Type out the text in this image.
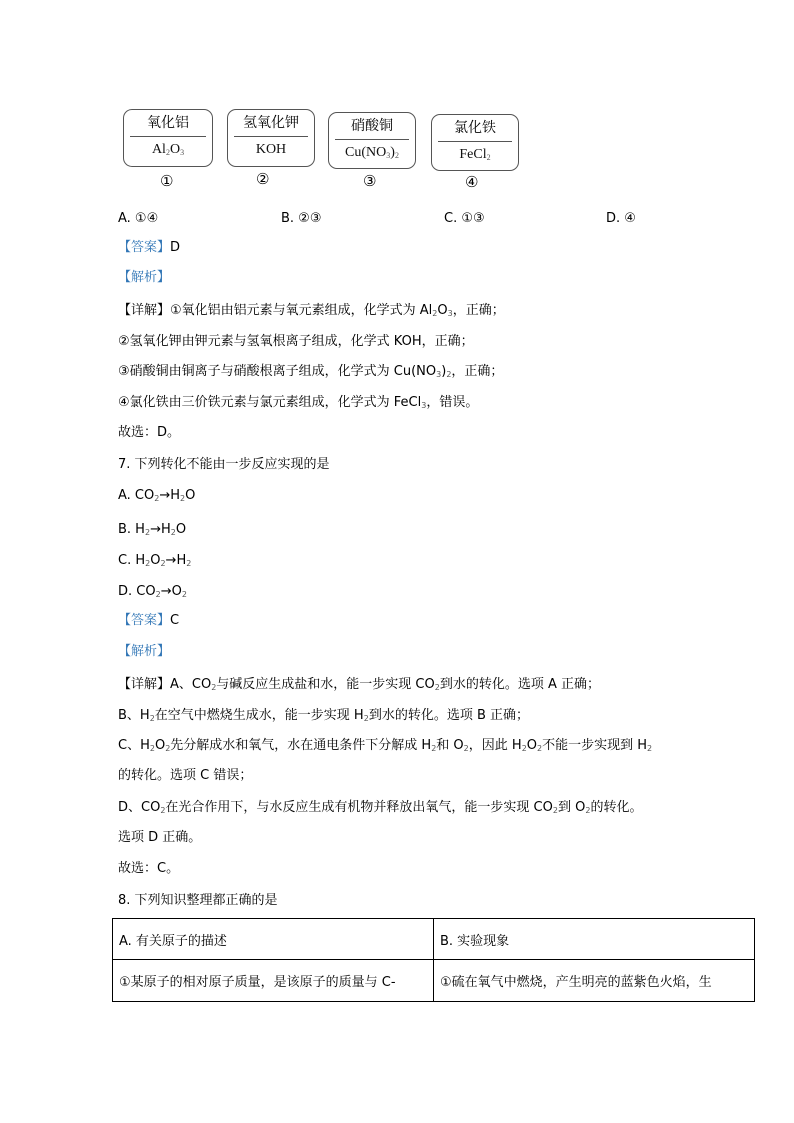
氧化铝
$Al_2O_3$
①
氢氧化钾
KOH
②
硝酸铜
$Cu(NO_3)_2$
③
氯化铁
FeCl$_2$
④
A. ①④	B. ②③	C. ①③	D. ④
【答案】D
【解析】
【详解】①氧化铝由铝元素与氧元素组成，化学式为 $Al_2O_3$，正确；
②氢氧化钾由钾元素与氢氧根离子组成，化学式 KOH，正确；
③硝酸铜由铜离子与硝酸根离子组成，化学式为 $Cu(NO_3)_2$，正确；
④氯化铁由三价铁元素与氯元素组成，化学式为 FeCl$_3$，错误。
故选：D。
7. 下列转化不能由一步反应实现的是
A. $CO_2\to H_2O$
B. $H_2\to H_2O$
C. $H_2O_2\to H_2$
D. $CO_2\to O_2$
【答案】C
【解析】
【详解】A、$CO_2$与碱反应生成盐和水，能一步实现 $CO_2$到水的转化。选项 A 正确；
B、$H_2$在空气中燃烧生成水，能一步实现 $H_2$到水的转化。选项 B 正确；
C、$H_2O_2$先分解成水和氧气，水在通电条件下分解成 $H_2$和 $O_2$，因此 $H_2O_2$不能一步实现到 $H_2$
的转化。选项 C 错误；
D、$CO_2$在光合作用下，与水反应生成有机物并释放出氧气，能一步实现 $CO_2$到 $O_2$的转化。
选项 D 正确。
故选：C。
8. 下列知识整理都正确的是
A. 有关原子的描述	B. 实验现象
①某原子的相对原子质量，是该原子的质量与 C-	①硫在氧气中燃烧，产生明亮的蓝紫色火焰，生
